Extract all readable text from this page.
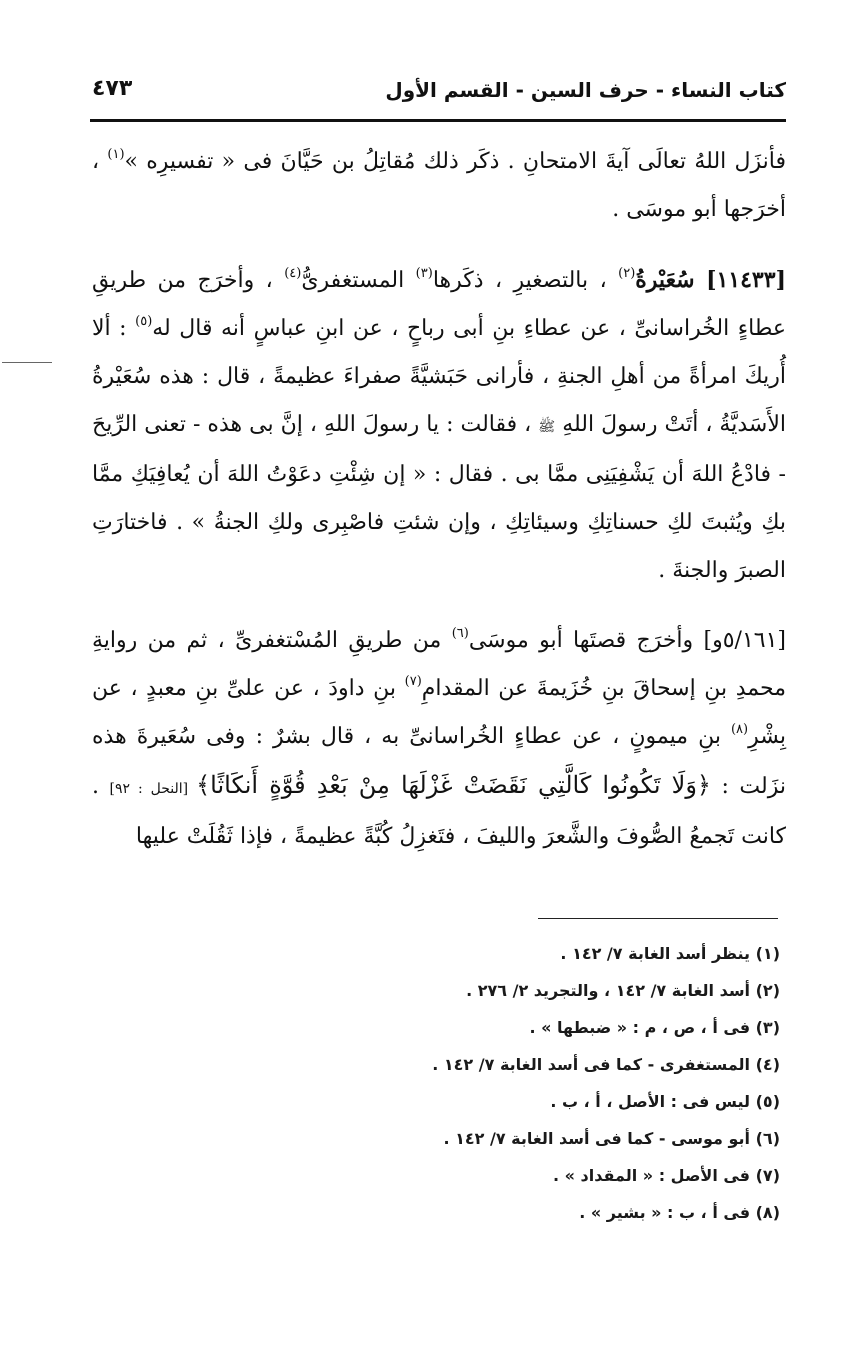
كتاب النساء - حرف السين - القسم الأول
٤٧٣

فأنزَل اللهُ تعالَى آيةَ الامتحانِ . ذكَر ذلك مُقاتِلُ بن حَيَّانَ فى « تفسيرِه »$^{(١)}$ ، أخرَجها أبو موسَى .

[١١٤٣٣] سُعَيْرةُ$^{(٢)}$ ، بالتصغيرِ ، ذكَرها$^{(٣)}$ المستغفرىُّ$^{(٤)}$ ، وأخرَج من طريقِ عطاءٍ الخُراسانىِّ ، عن عطاءِ بنِ أبى رباحٍ ، عن ابنِ عباسٍ أنه قال له$^{(٥)}$ : ألا أُريكَ امرأةً من أهلِ الجنةِ ، فأرانى حَبَشيَّةً صفراءَ عظيمةً ، قال : هذه سُعَيْرةُ الأَسَديَّةُ ، أتَتْ رسولَ اللهِ ﷺ ، فقالت : يا رسولَ اللهِ ، إنَّ بى هذه - تعنى الرِّيحَ - فادْعُ اللهَ أن يَشْفِيَنِى ممَّا بى . فقال : « إن شِئْتِ دعَوْتُ اللهَ أن يُعافِيَكِ ممَّا بكِ ويُثبتَ لكِ حسناتِكِ وسيئاتِكِ ، وإن شئتِ فاصْبِرى ولكِ الجنةُ » . فاختارَتِ الصبرَ والجنةَ .

[٥/١٦١و] وأخرَج قصتَها أبو موسَى$^{(٦)}$ من طريقِ المُسْتغفرىِّ ، ثم من روايةِ محمدِ بنِ إسحاقَ بنِ خُزَيمةَ عن المقدامِ$^{(٧)}$ بنِ داودَ ، عن علىِّ بنِ معبدٍ ، عن بِشْرِ$^{(٨)}$ بنِ ميمونٍ ، عن عطاءٍ الخُراسانىِّ به ، قال بشرٌ : وفى سُعَيرةَ هذه نزَلت : ﴿وَلَا تَكُونُوا كَالَّتِي نَقَضَتْ غَزْلَهَا مِنْ بَعْدِ قُوَّةٍ أَنكَاثًا﴾ [النحل : ٩٢] . كانت تَجمعُ الصُّوفَ والشَّعرَ والليفَ ، فتَغزِلُ كُبَّةً عظيمةً ، فإذا ثَقُلَتْ عليها

(١) ينظر أسد الغابة ٧/ ١٤٢ .
(٢) أسد الغابة ٧/ ١٤٢ ، والتجريد ٢/ ٢٧٦ .
(٣) فى أ ، ص ، م : « ضبطها » .
(٤) المستغفرى - كما فى أسد الغابة ٧/ ١٤٢ .
(٥) ليس فى : الأصل ، أ ، ب .
(٦) أبو موسى - كما فى أسد الغابة ٧/ ١٤٢ .
(٧) فى الأصل : « المقداد » .
(٨) فى أ ، ب : « بشير » .
